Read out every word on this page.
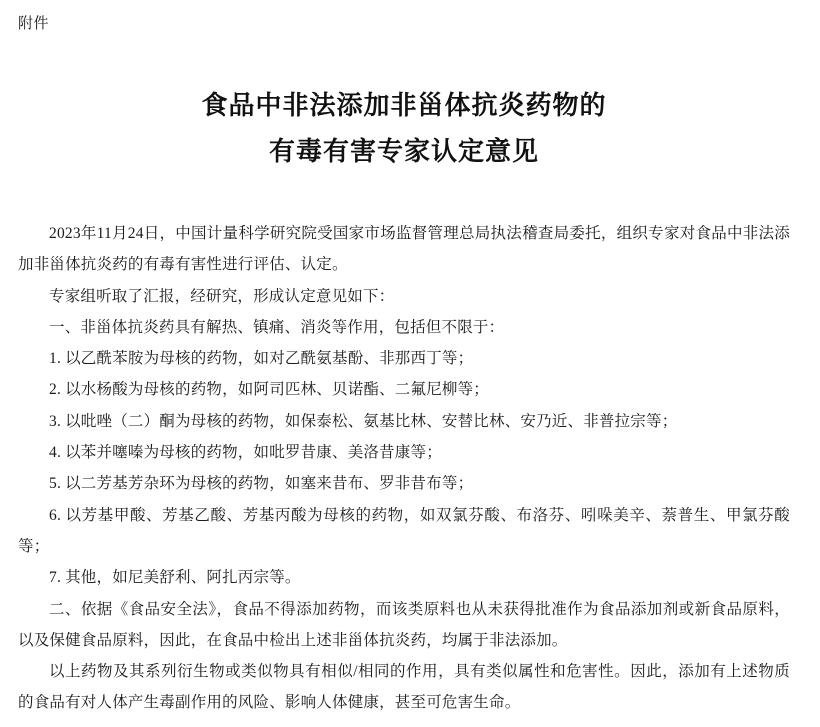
附件
食品中非法添加非甾体抗炎药物的
有毒有害专家认定意见

2023年11月24日，中国计量科学研究院受国家市场监督管理总局执法稽查局委托，组织专家对食品中非法添加非甾体抗炎药的有毒有害性进行评估、认定。

专家组听取了汇报，经研究，形成认定意见如下：

一、非甾体抗炎药具有解热、镇痛、消炎等作用，包括但不限于：

1. 以乙酰苯胺为母核的药物，如对乙酰氨基酚、非那西丁等；

2. 以水杨酸为母核的药物，如阿司匹林、贝诺酯、二氟尼柳等；

3. 以吡唑（二）酮为母核的药物，如保泰松、氨基比林、安替比林、安乃近、非普拉宗等；

4. 以苯并噻嗪为母核的药物，如吡罗昔康、美洛昔康等；

5. 以二芳基芳杂环为母核的药物，如塞来昔布、罗非昔布等；

6. 以芳基甲酸、芳基乙酸、芳基丙酸为母核的药物，如双氯芬酸、布洛芬、吲哚美辛、萘普生、甲氯芬酸等；

7. 其他，如尼美舒利、阿扎丙宗等。

二、依据《食品安全法》，食品不得添加药物，而该类原料也从未获得批准作为食品添加剂或新食品原料，以及保健食品原料，因此，在食品中检出上述非甾体抗炎药，均属于非法添加。

以上药物及其系列衍生物或类似物具有相似/相同的作用，具有类似属性和危害性。因此，添加有上述物质的食品有对人体产生毒副作用的风险、影响人体健康，甚至可危害生命。
